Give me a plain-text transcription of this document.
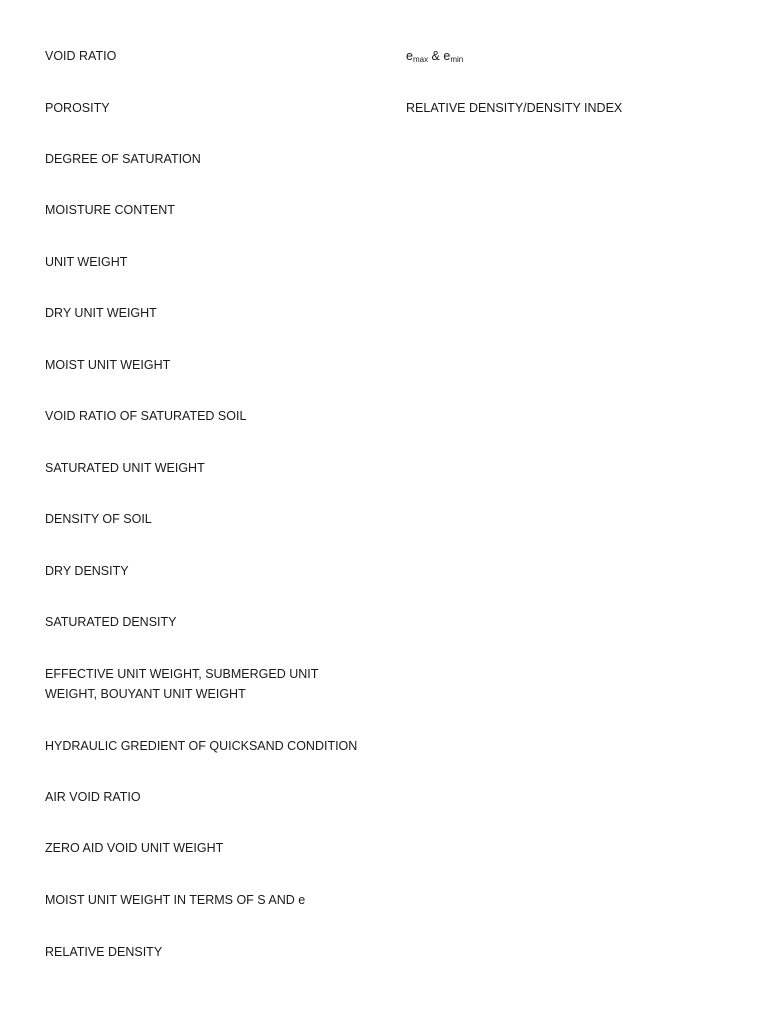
VOID RATIO
POROSITY
DEGREE OF SATURATION
MOISTURE CONTENT
UNIT WEIGHT
DRY UNIT WEIGHT
MOIST UNIT WEIGHT
VOID RATIO OF SATURATED SOIL
SATURATED UNIT WEIGHT
DENSITY OF SOIL
DRY DENSITY
SATURATED DENSITY
EFFECTIVE UNIT WEIGHT, SUBMERGED UNIT WEIGHT, BOUYANT UNIT WEIGHT
HYDRAULIC GREDIENT OF QUICKSAND CONDITION
AIR VOID RATIO
ZERO AID VOID UNIT WEIGHT
MOIST UNIT WEIGHT IN TERMS OF S AND e
RELATIVE DENSITY
$e_{max}$ & $e_{min}$
RELATIVE DENSITY/DENSITY INDEX
